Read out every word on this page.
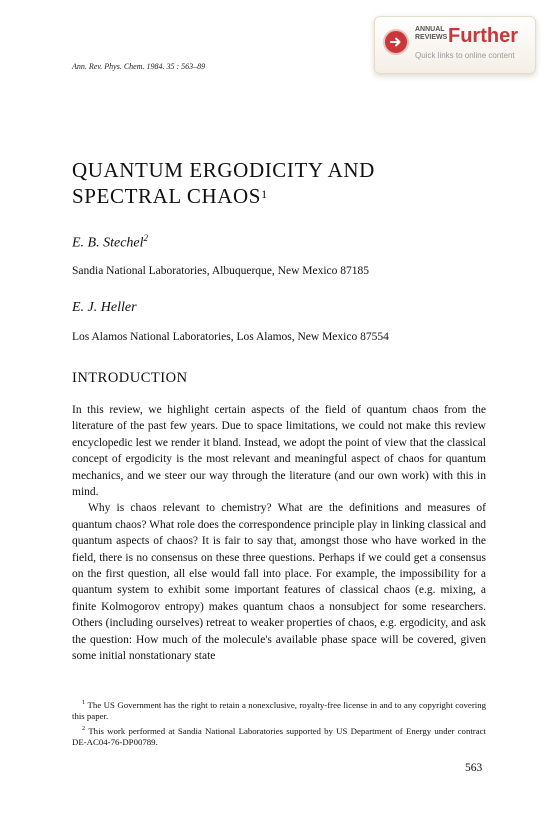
ANNUAL
REVIEWS Further
Quick links to online content
Ann. Rev. Phys. Chem. 1984. 35 : 563–89
QUANTUM ERGODICITY AND
SPECTRAL CHAOS$^1$
E. B. Stechel$^2$
Sandia National Laboratories, Albuquerque, New Mexico 87185
E. J. Heller
Los Alamos National Laboratories, Los Alamos, New Mexico 87554
INTRODUCTION

In this review, we highlight certain aspects of the field of quantum chaos from the literature of the past few years. Due to space limitations, we could not make this review encyclopedic lest we render it bland. Instead, we adopt the point of view that the classical concept of ergodicity is the most relevant and meaningful aspect of chaos for quantum mechanics, and we steer our way through the literature (and our own work) with this in mind.

Why is chaos relevant to chemistry? What are the definitions and measures of quantum chaos? What role does the correspondence principle play in linking classical and quantum aspects of chaos? It is fair to say that, amongst those who have worked in the field, there is no consensus on these three questions. Perhaps if we could get a consensus on the first question, all else would fall into place. For example, the impossibility for a quantum system to exhibit some important features of classical chaos (e.g. mixing, a finite Kolmogorov entropy) makes quantum chaos a nonsubject for some researchers. Others (including ourselves) retreat to weaker properties of chaos, e.g. ergodicity, and ask the question: How much of the molecule's available phase space will be covered, given some initial nonstationary state

$^1$ The US Government has the right to retain a nonexclusive, royalty-free license in and to any copyright covering this paper.

$^2$ This work performed at Sandia National Laboratories supported by US Department of Energy under contract DE-AC04-76-DP00789.

563
